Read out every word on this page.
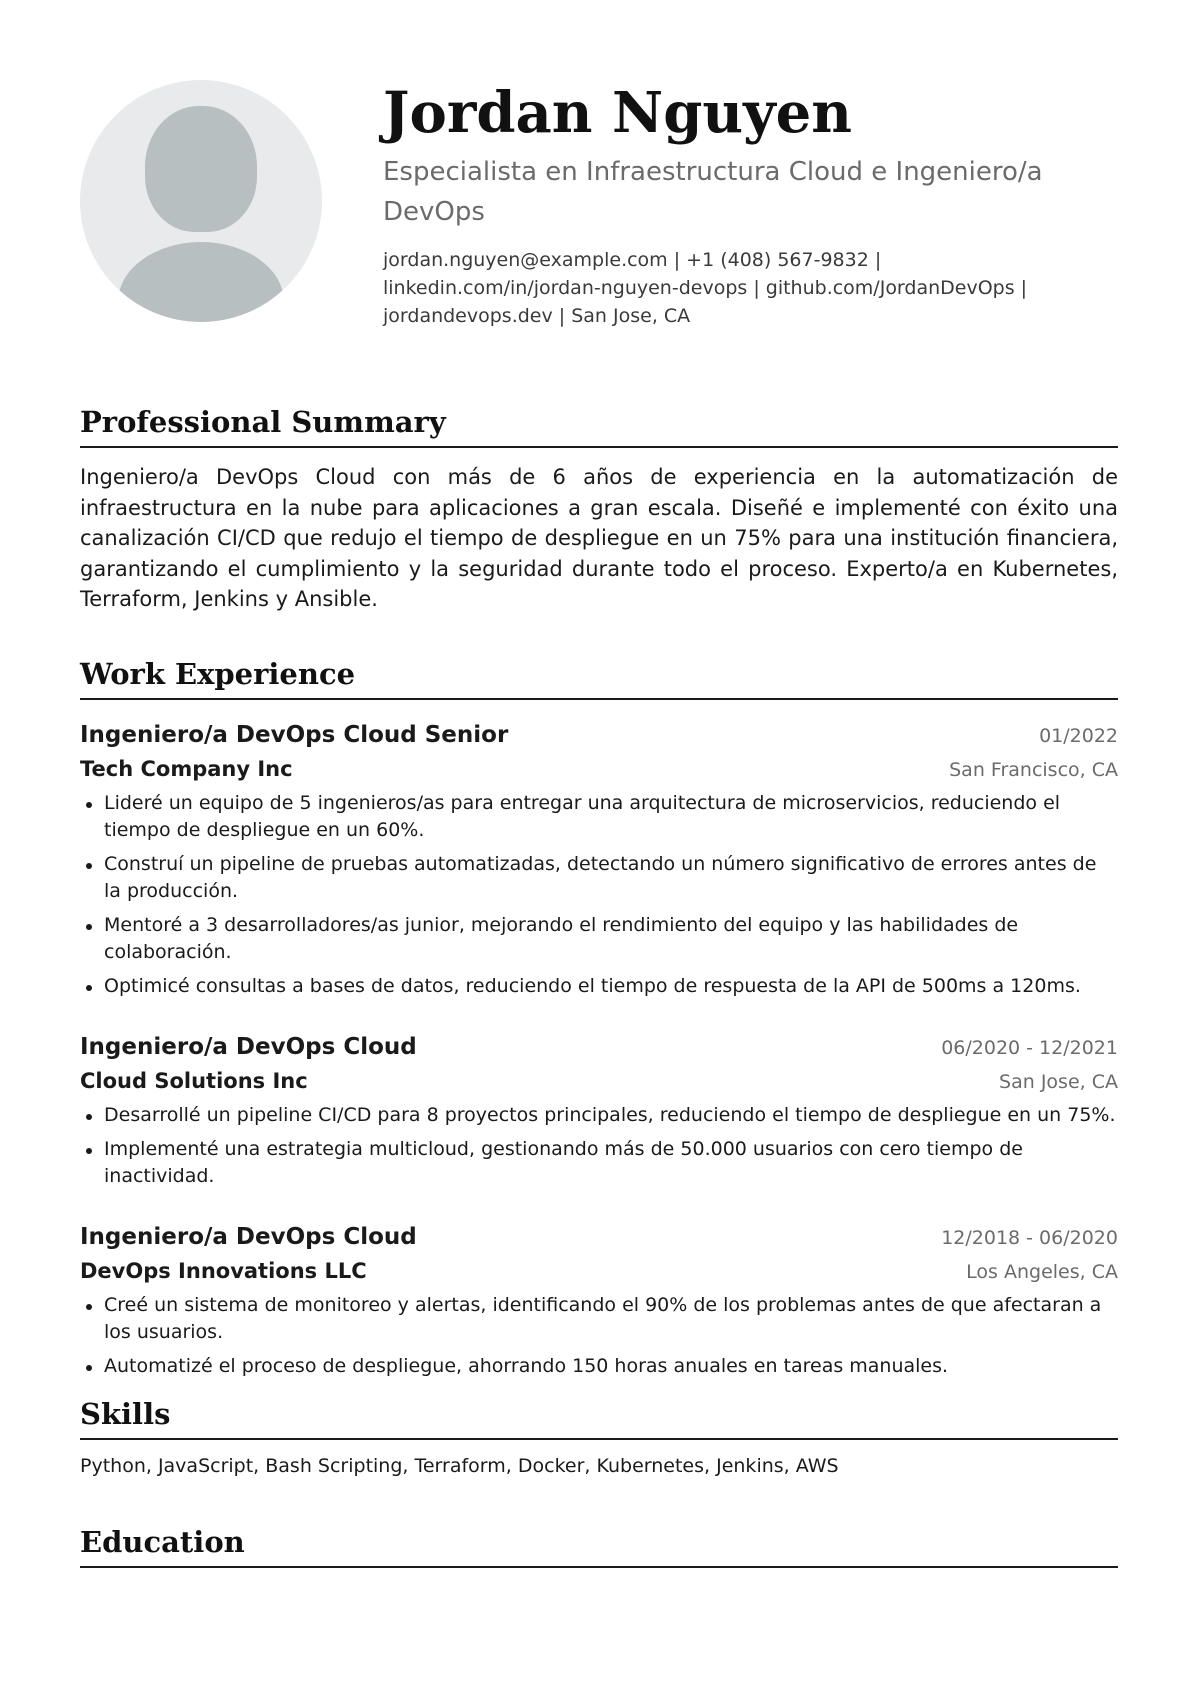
Jordan Nguyen
Especialista en Infraestructura Cloud e Ingeniero/a DevOps
jordan.nguyen@example.com | +1 (408) 567-9832 |
linkedin.com/in/jordan-nguyen-devops | github.com/JordanDevOps |
jordandevops.dev | San Jose, CA
Professional Summary
Ingeniero/a DevOps Cloud con más de 6 años de experiencia en la automatización de infraestructura en la nube para aplicaciones a gran escala. Diseñé e implementé con éxito una canalización CI/CD que redujo el tiempo de despliegue en un 75% para una institución financiera, garantizando el cumplimiento y la seguridad durante todo el proceso. Experto/a en Kubernetes, Terraform, Jenkins y Ansible.
Work Experience
Ingeniero/a DevOps Cloud Senior	01/2022
Tech Company Inc	San Francisco, CA
Lideré un equipo de 5 ingenieros/as para entregar una arquitectura de microservicios, reduciendo el tiempo de despliegue en un 60%.
Construí un pipeline de pruebas automatizadas, detectando un número significativo de errores antes de la producción.
Mentoré a 3 desarrolladores/as junior, mejorando el rendimiento del equipo y las habilidades de colaboración.
Optimicé consultas a bases de datos, reduciendo el tiempo de respuesta de la API de 500ms a 120ms.
Ingeniero/a DevOps Cloud	06/2020 - 12/2021
Cloud Solutions Inc	San Jose, CA
Desarrollé un pipeline CI/CD para 8 proyectos principales, reduciendo el tiempo de despliegue en un 75%.
Implementé una estrategia multicloud, gestionando más de 50.000 usuarios con cero tiempo de inactividad.
Ingeniero/a DevOps Cloud	12/2018 - 06/2020
DevOps Innovations LLC	Los Angeles, CA
Creé un sistema de monitoreo y alertas, identificando el 90% de los problemas antes de que afectaran a los usuarios.
Automatizé el proceso de despliegue, ahorrando 150 horas anuales en tareas manuales.
Skills
Python, JavaScript, Bash Scripting, Terraform, Docker, Kubernetes, Jenkins, AWS
Education
